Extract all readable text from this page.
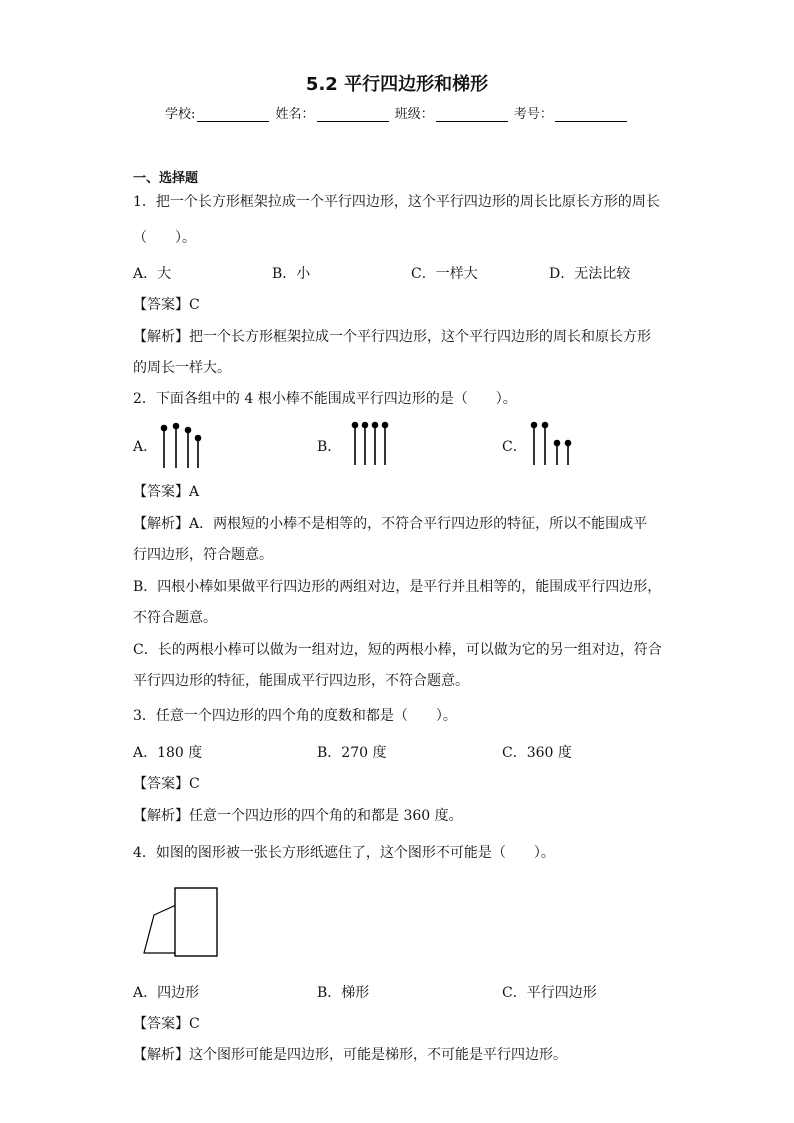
5.2 平行四边形和梯形
学校:	姓名：	班级：	考号：
一、选择题
1．把一个长方形框架拉成一个平行四边形，这个平行四边形的周长比原长方形的周长
（　　）。
A．大	B．小	C．一样大	D．无法比较
【答案】C
【解析】把一个长方形框架拉成一个平行四边形，这个平行四边形的周长和原长方形
的周长一样大。
2．下面各组中的 4 根小棒不能围成平行四边形的是（　　）。
A．	B．	C．
【答案】A
【解析】A．两根短的小棒不是相等的，不符合平行四边形的特征，所以不能围成平
行四边形，符合题意。
B．四根小棒如果做平行四边形的两组对边，是平行并且相等的，能围成平行四边形，
不符合题意。
C．长的两根小棒可以做为一组对边，短的两根小棒，可以做为它的另一组对边，符合
平行四边形的特征，能围成平行四边形，不符合题意。
3．任意一个四边形的四个角的度数和都是（　　）。
A．180 度	B．270 度	C．360 度
【答案】C
【解析】任意一个四边形的四个角的和都是 360 度。
4．如图的图形被一张长方形纸遮住了，这个图形不可能是（　　）。
A．四边形	B．梯形	C．平行四边形
【答案】C
【解析】这个图形可能是四边形，可能是梯形，不可能是平行四边形。
